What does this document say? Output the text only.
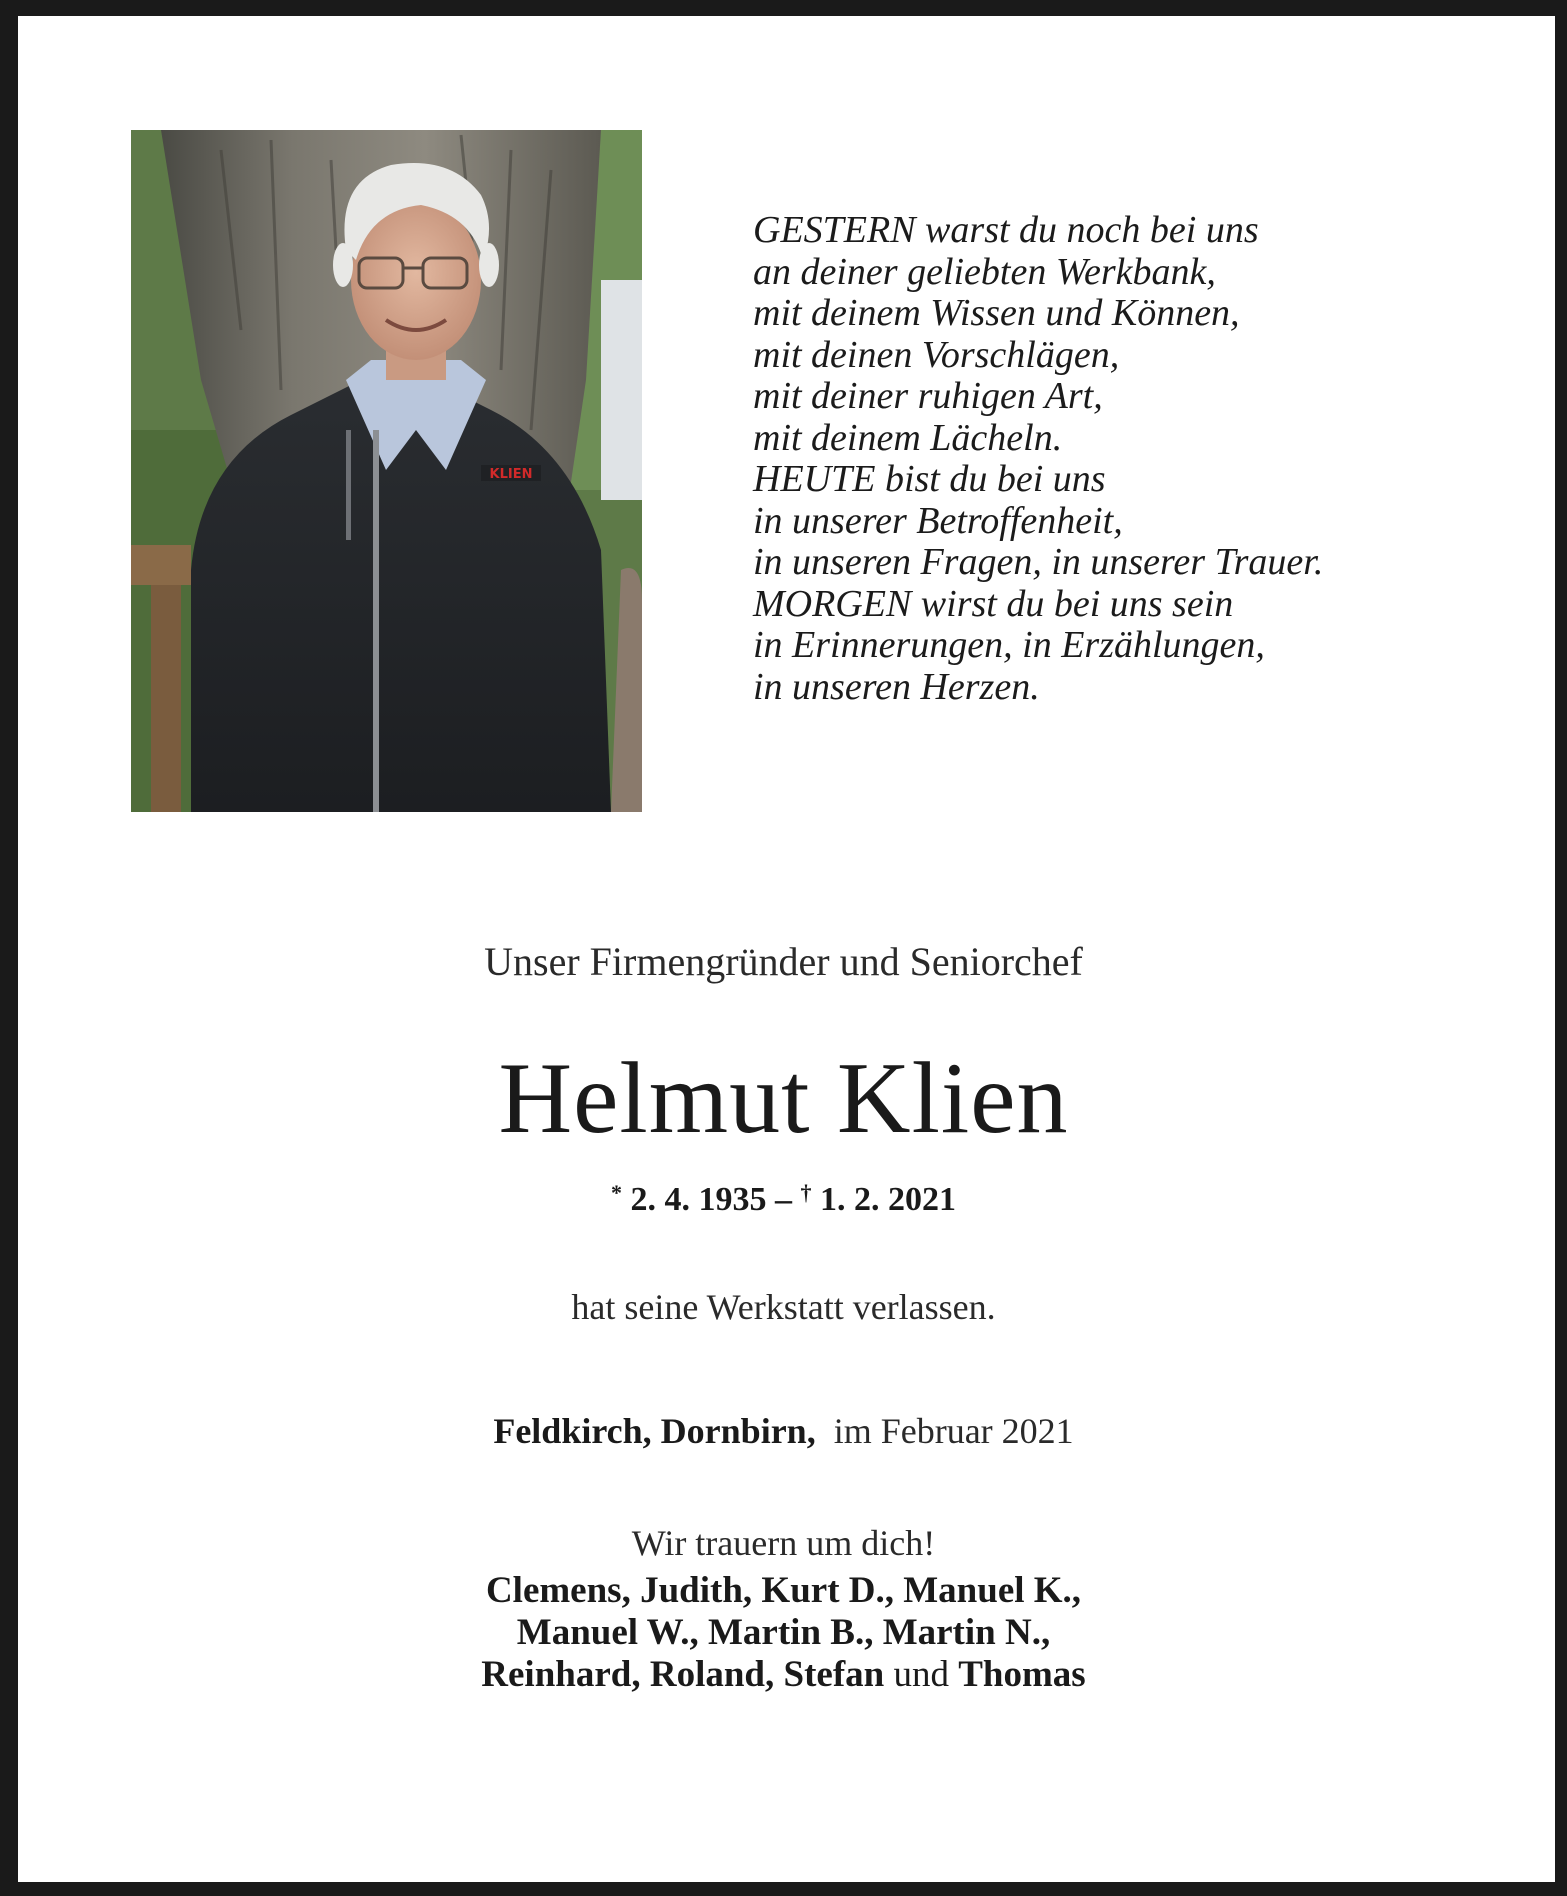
KLIEN
GESTERN warst du noch bei uns
an deiner geliebten Werkbank,
mit deinem Wissen und Können,
mit deinen Vorschlägen,
mit deiner ruhigen Art,
mit deinem Lächeln.
HEUTE bist du bei uns
in unserer Betroffenheit,
in unseren Fragen, in unserer Trauer.
MORGEN wirst du bei uns sein
in Erinnerungen, in Erzählungen,
in unseren Herzen.
Unser Firmengründer und Seniorchef
Helmut Klien
* 2. 4. 1935 – † 1. 2. 2021
hat seine Werkstatt verlassen.
Feldkirch, Dornbirn, im Februar 2021
Wir trauern um dich!
Clemens, Judith, Kurt D., Manuel K.,
Manuel W., Martin B., Martin N.,
Reinhard, Roland, Stefan und Thomas
